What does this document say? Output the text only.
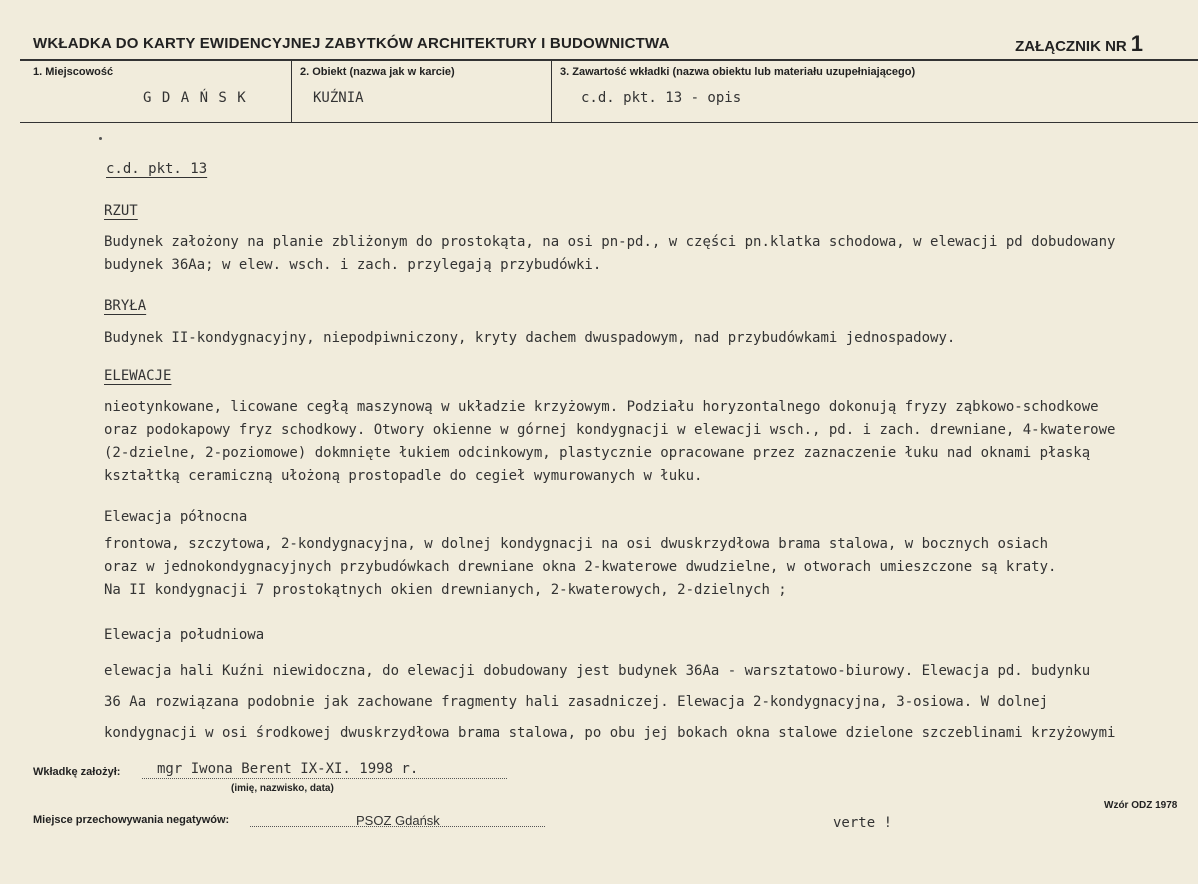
WKŁADKA DO KARTY EWIDENCYJNEJ ZABYTKÓW ARCHITEKTURY I BUDOWNICTWA	ZAŁĄCZNIK NR 1
1. Miejscowość
G D A Ń S K
2. Obiekt (nazwa jak w karcie)
KUŹNIA
3. Zawartość wkładki (nazwa obiektu lub materiału uzupełniającego)
c.d. pkt. 13 - opis
c.d. pkt. 13
RZUT
Budynek założony na planie zbliżonym do prostokąta, na osi pn-pd., w części pn.klatka schodowa, w elewacji pd dobudowany
budynek 36Aa; w elew. wsch. i zach. przylegają przybudówki.
BRYŁA
Budynek II-kondygnacyjny, niepodpiwniczony, kryty dachem dwuspadowym, nad przybudówkami jednospadowy.
ELEWACJE
nieotynkowane, licowane cegłą maszynową w układzie krzyżowym. Podziału horyzontalnego dokonują fryzy ząbkowo-schodkowe
oraz podokapowy fryz schodkowy. Otwory okienne w górnej kondygnacji w elewacji wsch., pd. i zach. drewniane, 4-kwaterowe
(2-dzielne, 2-poziomowe) dokmnięte łukiem odcinkowym, plastycznie opracowane przez zaznaczenie łuku nad oknami płaską
kształtką ceramiczną ułożoną prostopadle do cegieł wymurowanych w łuku.
Elewacja północna
frontowa, szczytowa, 2-kondygnacyjna, w dolnej kondygnacji na osi dwuskrzydłowa brama stalowa, w bocznych osiach
oraz w jednokondygnacyjnych przybudówkach drewniane okna 2-kwaterowe dwudzielne, w otworach umieszczone są kraty.
Na II kondygnacji 7 prostokątnych okien drewnianych, 2-kwaterowych, 2-dzielnych ;
Elewacja południowa
elewacja hali Kuźni niewidoczna, do elewacji dobudowany jest budynek 36Aa - warsztatowo-biurowy. Elewacja pd. budynku
36 Aa rozwiązana podobnie jak zachowane fragmenty hali zasadniczej. Elewacja 2-kondygnacyjna, 3-osiowa. W dolnej
kondygnacji w osi środkowej dwuskrzydłowa brama stalowa, po obu jej bokach okna stalowe dzielone szczeblinami krzyżowymi
Wkładkę założył:	mgr Iwona Berent IX-XI. 1998 r.
(imię, nazwisko, data)
Wzór ODZ 1978
Miejsce przechowywania negatywów:	PSOZ Gdańsk	verte !
